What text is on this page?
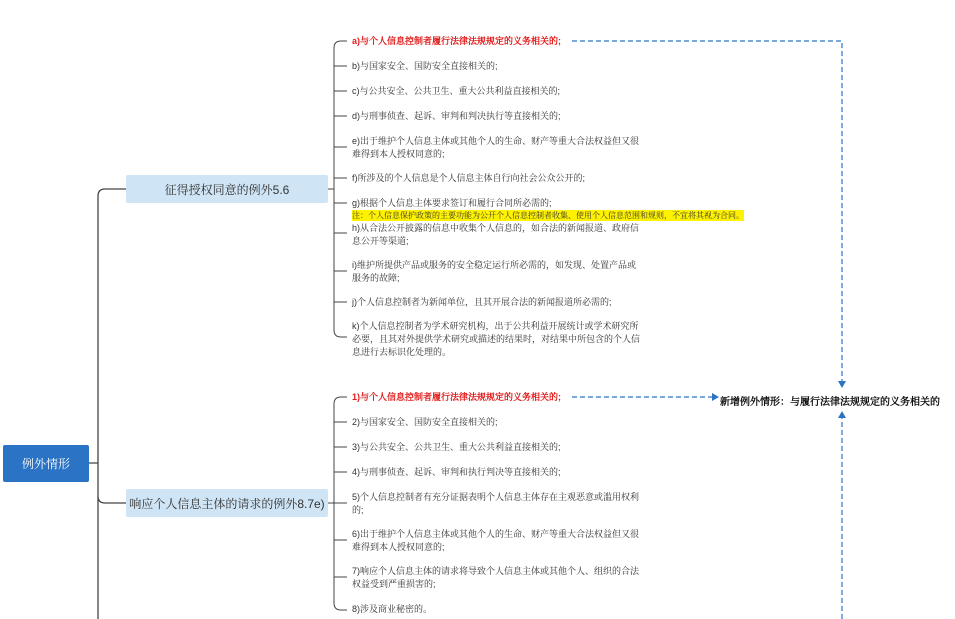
例外情形
征得授权同意的例外5.6
响应个人信息主体的请求的例外8.7e)
a)与个人信息控制者履行法律法规规定的义务相关的;
b)与国家安全、国防安全直接相关的;
c)与公共安全、公共卫生、重大公共利益直接相关的;
d)与刑事侦查、起诉、审判和判决执行等直接相关的;
e)出于维护个人信息主体或其他个人的生命、财产等重大合法权益但又很
难得到本人授权同意的;
f)所涉及的个人信息是个人信息主体自行向社会公众公开的;
g)根据个人信息主体要求签订和履行合同所必需的;
注：个人信息保护政策的主要功能为公开个人信息控制者收集、使用个人信息范围和规则，不宜将其视为合同。
h)从合法公开披露的信息中收集个人信息的，如合法的新闻报道、政府信
息公开等渠道;
i)维护所提供产品或服务的安全稳定运行所必需的，如发现、处置产品或
服务的故障;
j)个人信息控制者为新闻单位，且其开展合法的新闻报道所必需的;
k)个人信息控制者为学术研究机构，出于公共利益开展统计或学术研究所
必要，且其对外提供学术研究或描述的结果时，对结果中所包含的个人信
息进行去标识化处理的。
1)与个人信息控制者履行法律法规规定的义务相关的;
2)与国家安全、国防安全直接相关的;
3)与公共安全、公共卫生、重大公共利益直接相关的;
4)与刑事侦查、起诉、审判和执行判决等直接相关的;
5)个人信息控制者有充分证据表明个人信息主体存在主观恶意或滥用权利
的;
6)出于维护个人信息主体或其他个人的生命、财产等重大合法权益但又很
难得到本人授权同意的;
7)响应个人信息主体的请求将导致个人信息主体或其他个人、组织的合法
权益受到严重损害的;
8)涉及商业秘密的。
新增例外情形：与履行法律法规规定的义务相关的
